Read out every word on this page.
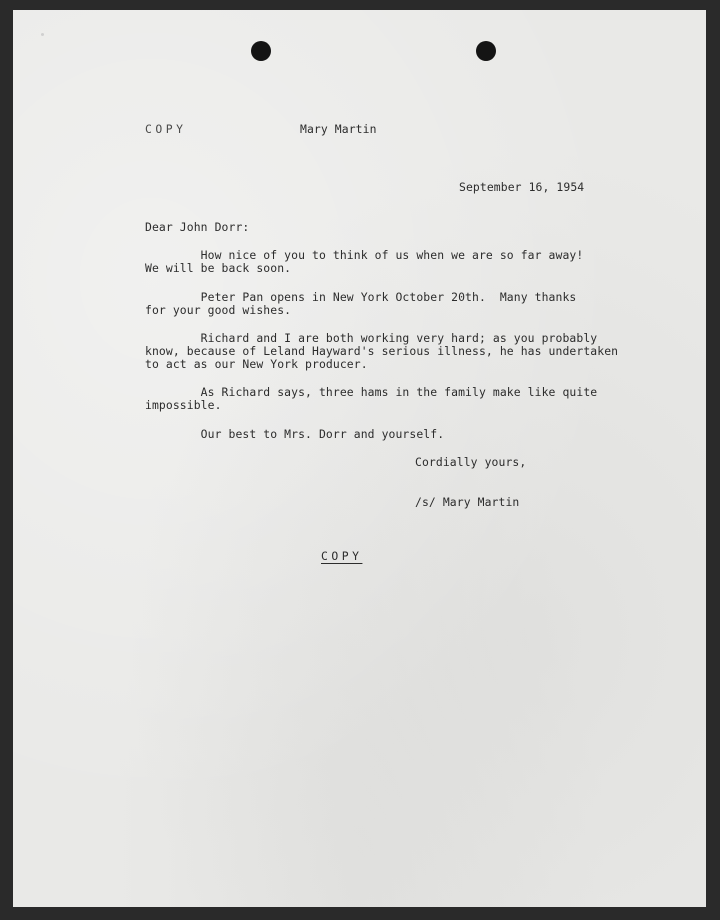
COPY	Mary Martin
September 16, 1954
Dear John Dorr:
How nice of you to think of us when we are so far away!
We will be back soon.
Peter Pan opens in New York October 20th.  Many thanks
for your good wishes.
Richard and I are both working very hard; as you probably
know, because of Leland Hayward's serious illness, he has undertaken
to act as our New York producer.
As Richard says, three hams in the family make like quite
impossible.
Our best to Mrs. Dorr and yourself.
Cordially yours,
/s/ Mary Martin
COPY
